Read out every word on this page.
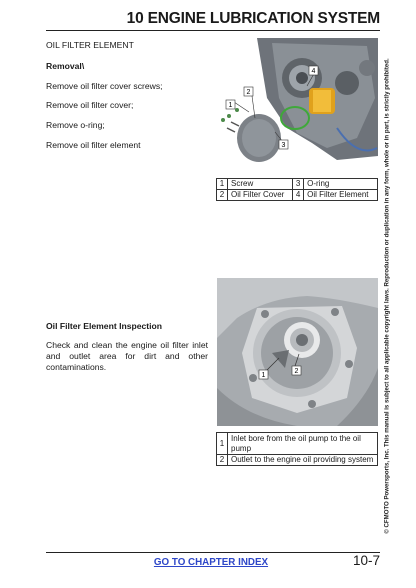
10 ENGINE LUBRICATION SYSTEM
© CFMOTO Powersports, Inc. This manual is subject to all applicable copyright laws. Reproduction or duplication in any form, whole or in part, is strictly prohibited.
OIL FILTER ELEMENT
Removal\
Remove oil filter cover screws;
Remove oil filter cover;
Remove o-ring;
Remove oil filter element
1
2
3
4
1	Screw	3	O-ring
2	Oil Filter Cover	4	Oil Filter Element
Oil Filter Element Inspection
Check and clean the engine oil filter inlet and outlet area for dirt and other contaminations.
1
2
1	Inlet bore from the oil pump to the oil pump
2	Outlet to the engine oil providing system
GO TO CHAPTER INDEX	10-7
